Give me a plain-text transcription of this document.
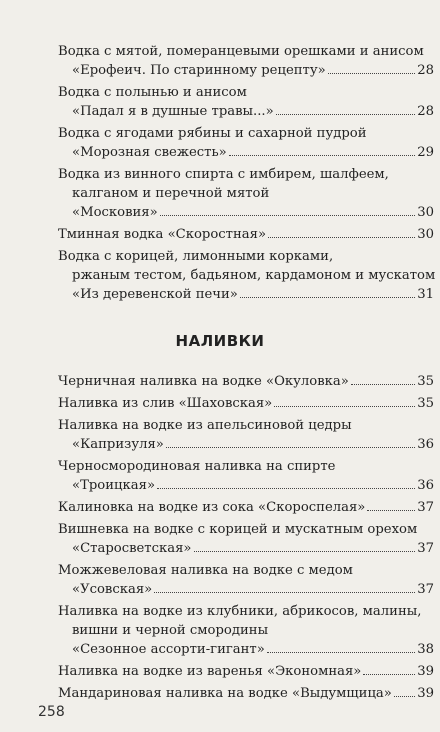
Водка с мятой, померанцевыми орешками и анисом
«Ерофеич. По старинному рецепту»	28
Водка с полынью и анисом
«Падал я в душные травы...»	28
Водка с ягодами рябины и сахарной пудрой
«Морозная свежесть»	29
Водка из винного спирта с имбирем, шалфеем,
калганом и перечной мятой
«Московия»	30
Тминная водка «Скоростная»	30
Водка с корицей, лимонными корками,
ржаным тестом, бадьяном, кардамоном и мускатом
«Из деревенской печи»	31
НАЛИВКИ
Черничная наливка на водке «Окуловка»	35
Наливка из слив «Шаховская»	35
Наливка на водке из апельсиновой цедры
«Капризуля»	36
Черносмородиновая наливка на спирте
«Троицкая»	36
Калиновка на водке из сока «Скороспелая»	37
Вишневка на водке с корицей и мускатным орехом
«Старосветская»	37
Можжевеловая наливка на водке с медом
«Усовская»	37
Наливка на водке из клубники, абрикосов, малины,
вишни и черной смородины
«Сезонное ассорти-гигант»	38
Наливка на водке из варенья «Экономная»	39
Мандариновая наливка на водке «Выдумщица» 39
258
